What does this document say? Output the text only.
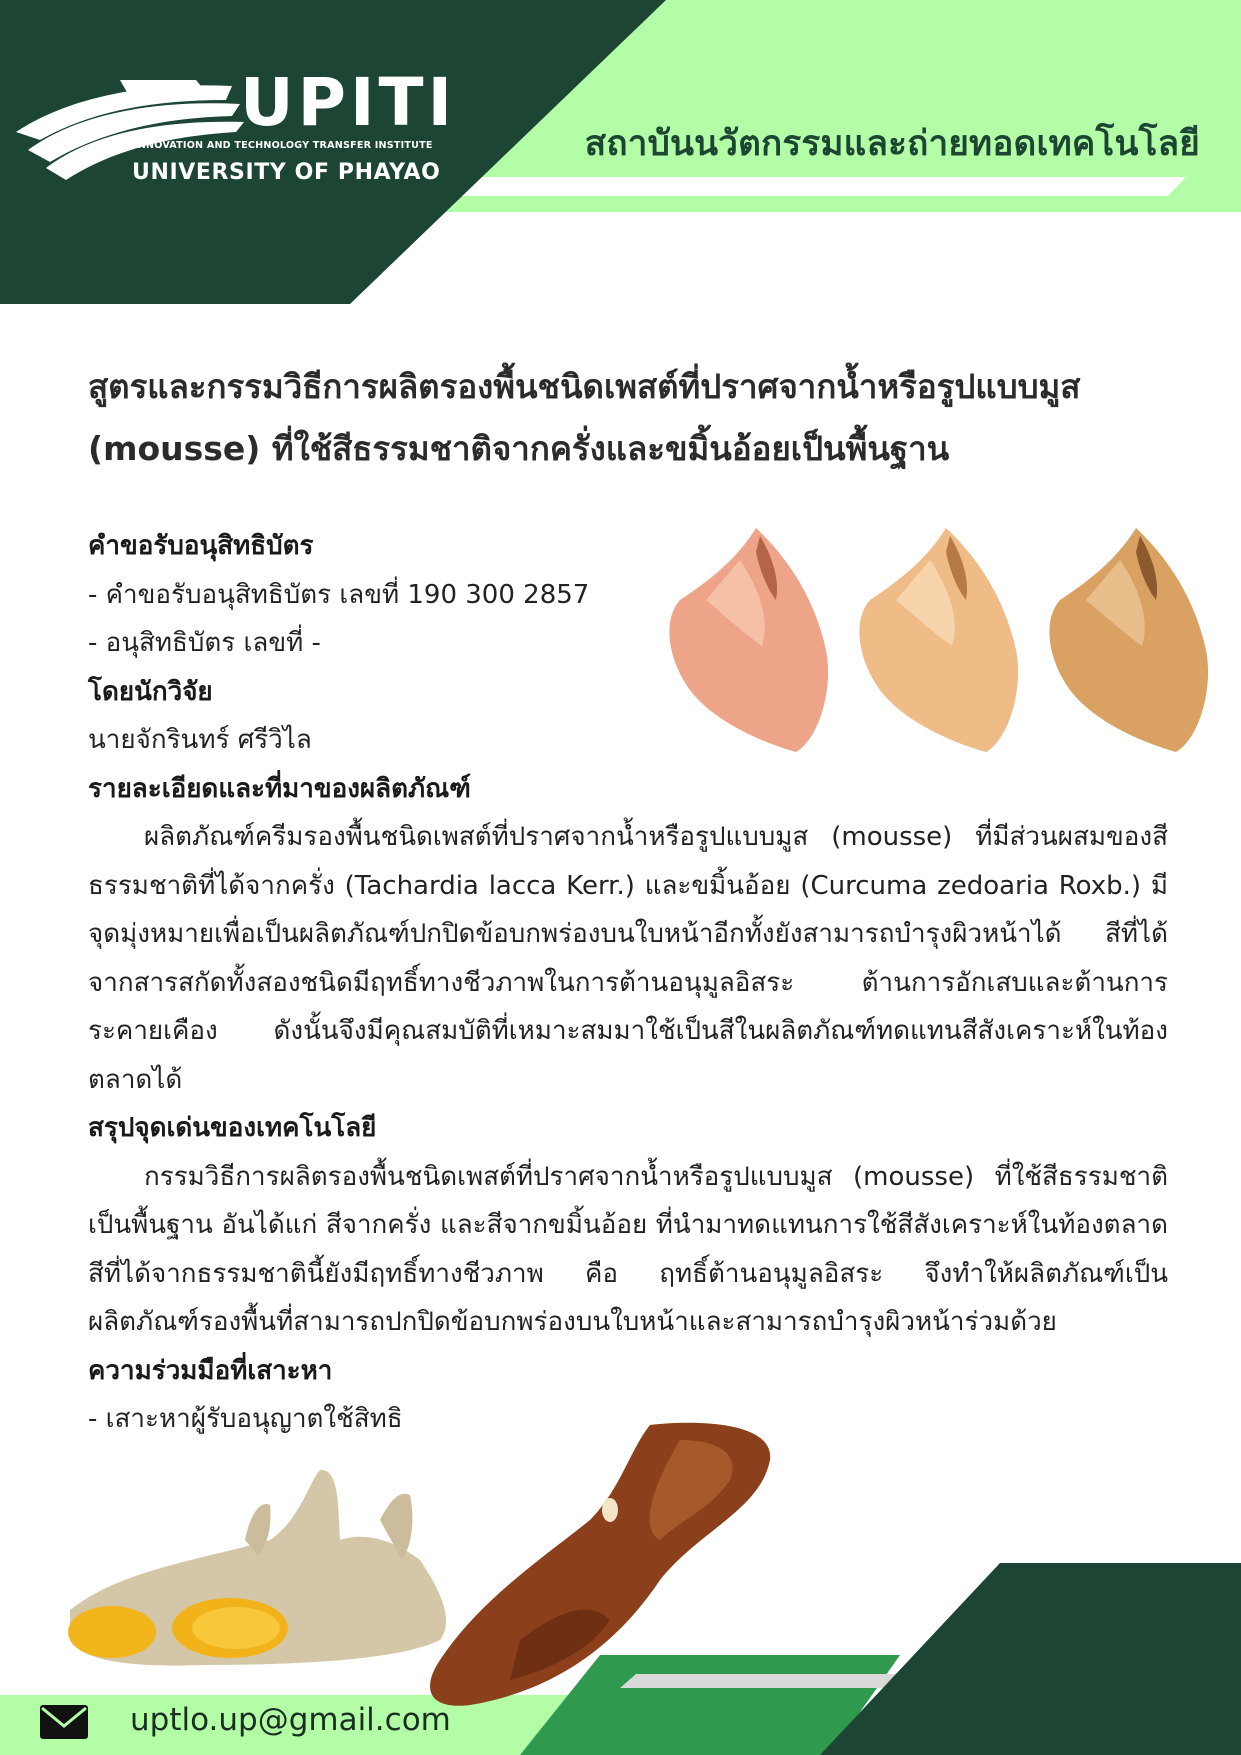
UPITI
INNOVATION AND TECHNOLOGY TRANSFER INSTITUTE
UNIVERSITY OF PHAYAO
สถาบันนวัตกรรมและถ่ายทอดเทคโนโลยี
สูตรและกรรมวิธีการผลิตรองพื้นชนิดเพสต์ที่ปราศจากน้ำหรือรูปแบบมูส
(mousse) ที่ใช้สีธรรมชาติจากครั่งและขมิ้นอ้อยเป็นพื้นฐาน
คำขอรับอนุสิทธิบัตร
- คำขอรับอนุสิทธิบัตร เลขที่ 190 300 2857
- อนุสิทธิบัตร เลขที่ -
โดยนักวิจัย
นายจักรินทร์ ศรีวิไล
รายละเอียดและที่มาของผลิตภัณฑ์
ผลิตภัณฑ์ครีมรองพื้นชนิดเพสต์ที่ปราศจากน้ำหรือรูปแบบมูส (mousse) ที่มีส่วนผสมของสีธรรมชาติที่ได้จากครั่ง (Tachardia lacca Kerr.) และขมิ้นอ้อย (Curcuma zedoaria Roxb.) มีจุดมุ่งหมายเพื่อเป็นผลิตภัณฑ์ปกปิดข้อบกพร่องบนใบหน้าอีกทั้งยังสามารถบำรุงผิวหน้าได้ สีที่ได้จากสารสกัดทั้งสองชนิดมีฤทธิ์ทางชีวภาพในการต้านอนุมูลอิสระ ต้านการอักเสบและต้านการระคายเคือง ดังนั้นจึงมีคุณสมบัติที่เหมาะสมมาใช้เป็นสีในผลิตภัณฑ์ทดแทนสีสังเคราะห์ในท้องตลาดได้
สรุปจุดเด่นของเทคโนโลยี
กรรมวิธีการผลิตรองพื้นชนิดเพสต์ที่ปราศจากน้ำหรือรูปแบบมูส (mousse) ที่ใช้สีธรรมชาติเป็นพื้นฐาน อันได้แก่ สีจากครั่ง และสีจากขมิ้นอ้อย ที่นำมาทดแทนการใช้สีสังเคราะห์ในท้องตลาด สีที่ได้จากธรรมชาตินี้ยังมีฤทธิ์ทางชีวภาพ คือ ฤทธิ์ต้านอนุมูลอิสระ จึงทำให้ผลิตภัณฑ์เป็นผลิตภัณฑ์รองพื้นที่สามารถปกปิดข้อบกพร่องบนใบหน้าและสามารถบำรุงผิวหน้าร่วมด้วย
ความร่วมมือที่เสาะหา
- เสาะหาผู้รับอนุญาตใช้สิทธิ
uptlo.up@gmail.com
